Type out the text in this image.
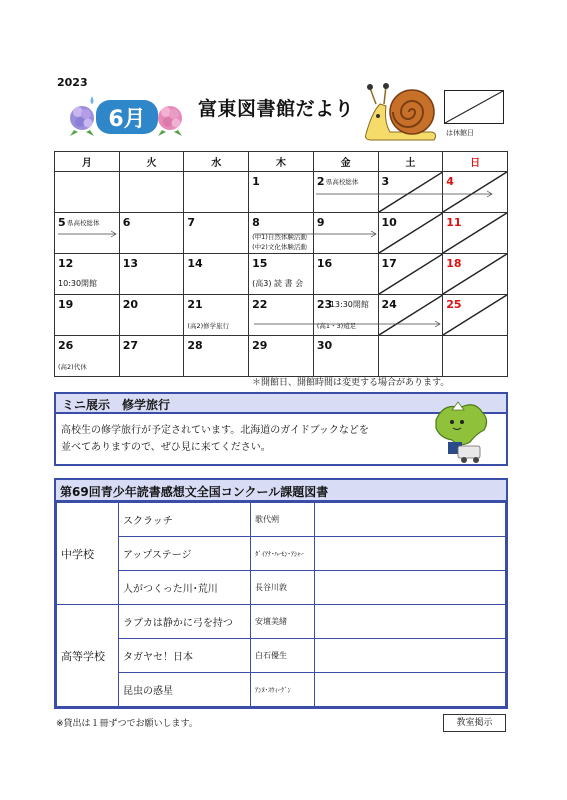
2023
6月	富東図書館だより
は休館日
月	火	水	木	金	土	日

			1	2 県高校総体	3	4

5 県高校総体	6	7	8
(中1)自然体験活動
(中2)文化体験活動	9	10	11

12
10:30開館	13	14	15
(高3) 読 書 会	16	17	18

19	20	21
(高2)修学旅行	22	23
13:30開館
(高1・3)遠足	24	25

26
(高2)代休	27	28	29	30		

＊開館日、開館時間は変更する場合があります。
ミニ展示　修学旅行
高校生の修学旅行が予定されています。北海道のガイドブックなどを
並べてありますので、ぜひ見に来てください。
第69回青少年読書感想文全国コンクール課題図書
中学校	スクラッチ	歌代朔	
	アップステージ	ﾀﾞｲｱﾅ･ﾊｰﾓﾝ･ｱｼｬｰ	
	人がつくった川･荒川	長谷川敦	
高等学校	ラブカは静かに弓を持つ	安壇美緒	
	タガヤセ！日本	白石優生	
	昆虫の惑星	ｱﾝﾇ･ｽｳｨｰｹﾞﾝ	
※貸出は１冊ずつでお願いします。	教室掲示
